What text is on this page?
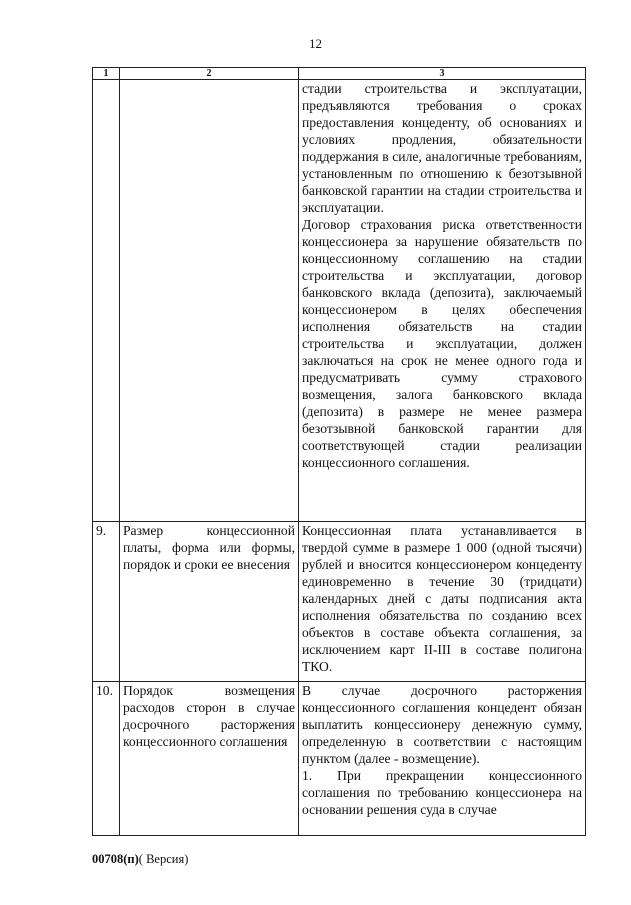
12
1	2	3

		стадии строительства и эксплуатации, предъявляются требования о сроках предоставления концеденту, об основаниях и условиях продления, обязательности поддержания в силе, аналогичные требованиям, установленным по отношению к безотзывной банковской гарантии на стадии строительства и эксплуатации.

Договор страхования риска ответственности концессионера за нарушение обязательств по концессионному соглашению на стадии строительства и эксплуатации, договор банковского вклада (депозита), заключаемый концессионером в целях обеспечения исполнения обязательств на стадии строительства и эксплуатации, должен заключаться на срок не менее одного года и предусматривать сумму страхового возмещения, залога банковского вклада (депозита) в размере не менее размера безотзывной банковской гарантии для соответствующей стадии реализации концессионного соглашения.

9.	Размер концессионной платы, форма или формы, порядок и сроки ее внесения	Концессионная плата устанавливается в твердой сумме в размере 1 000 (одной тысячи) рублей и вносится концессионером концеденту единовременно в течение 30 (тридцати) календарных дней с даты подписания акта исполнения обязательства по созданию всех объектов в составе объекта соглашения, за исключением карт II-III в составе полигона ТКО.

10.	Порядок возмещения расходов сторон в случае досрочного расторжения концессионного соглашения	В случае досрочного расторжения концессионного соглашения концедент обязан выплатить концессионеру денежную сумму, определенную в соответствии с настоящим пунктом (далее - возмещение).

1. При прекращении концессионного соглашения по требованию концессионера на основании решения суда в случае

00708(п)( Версия)
